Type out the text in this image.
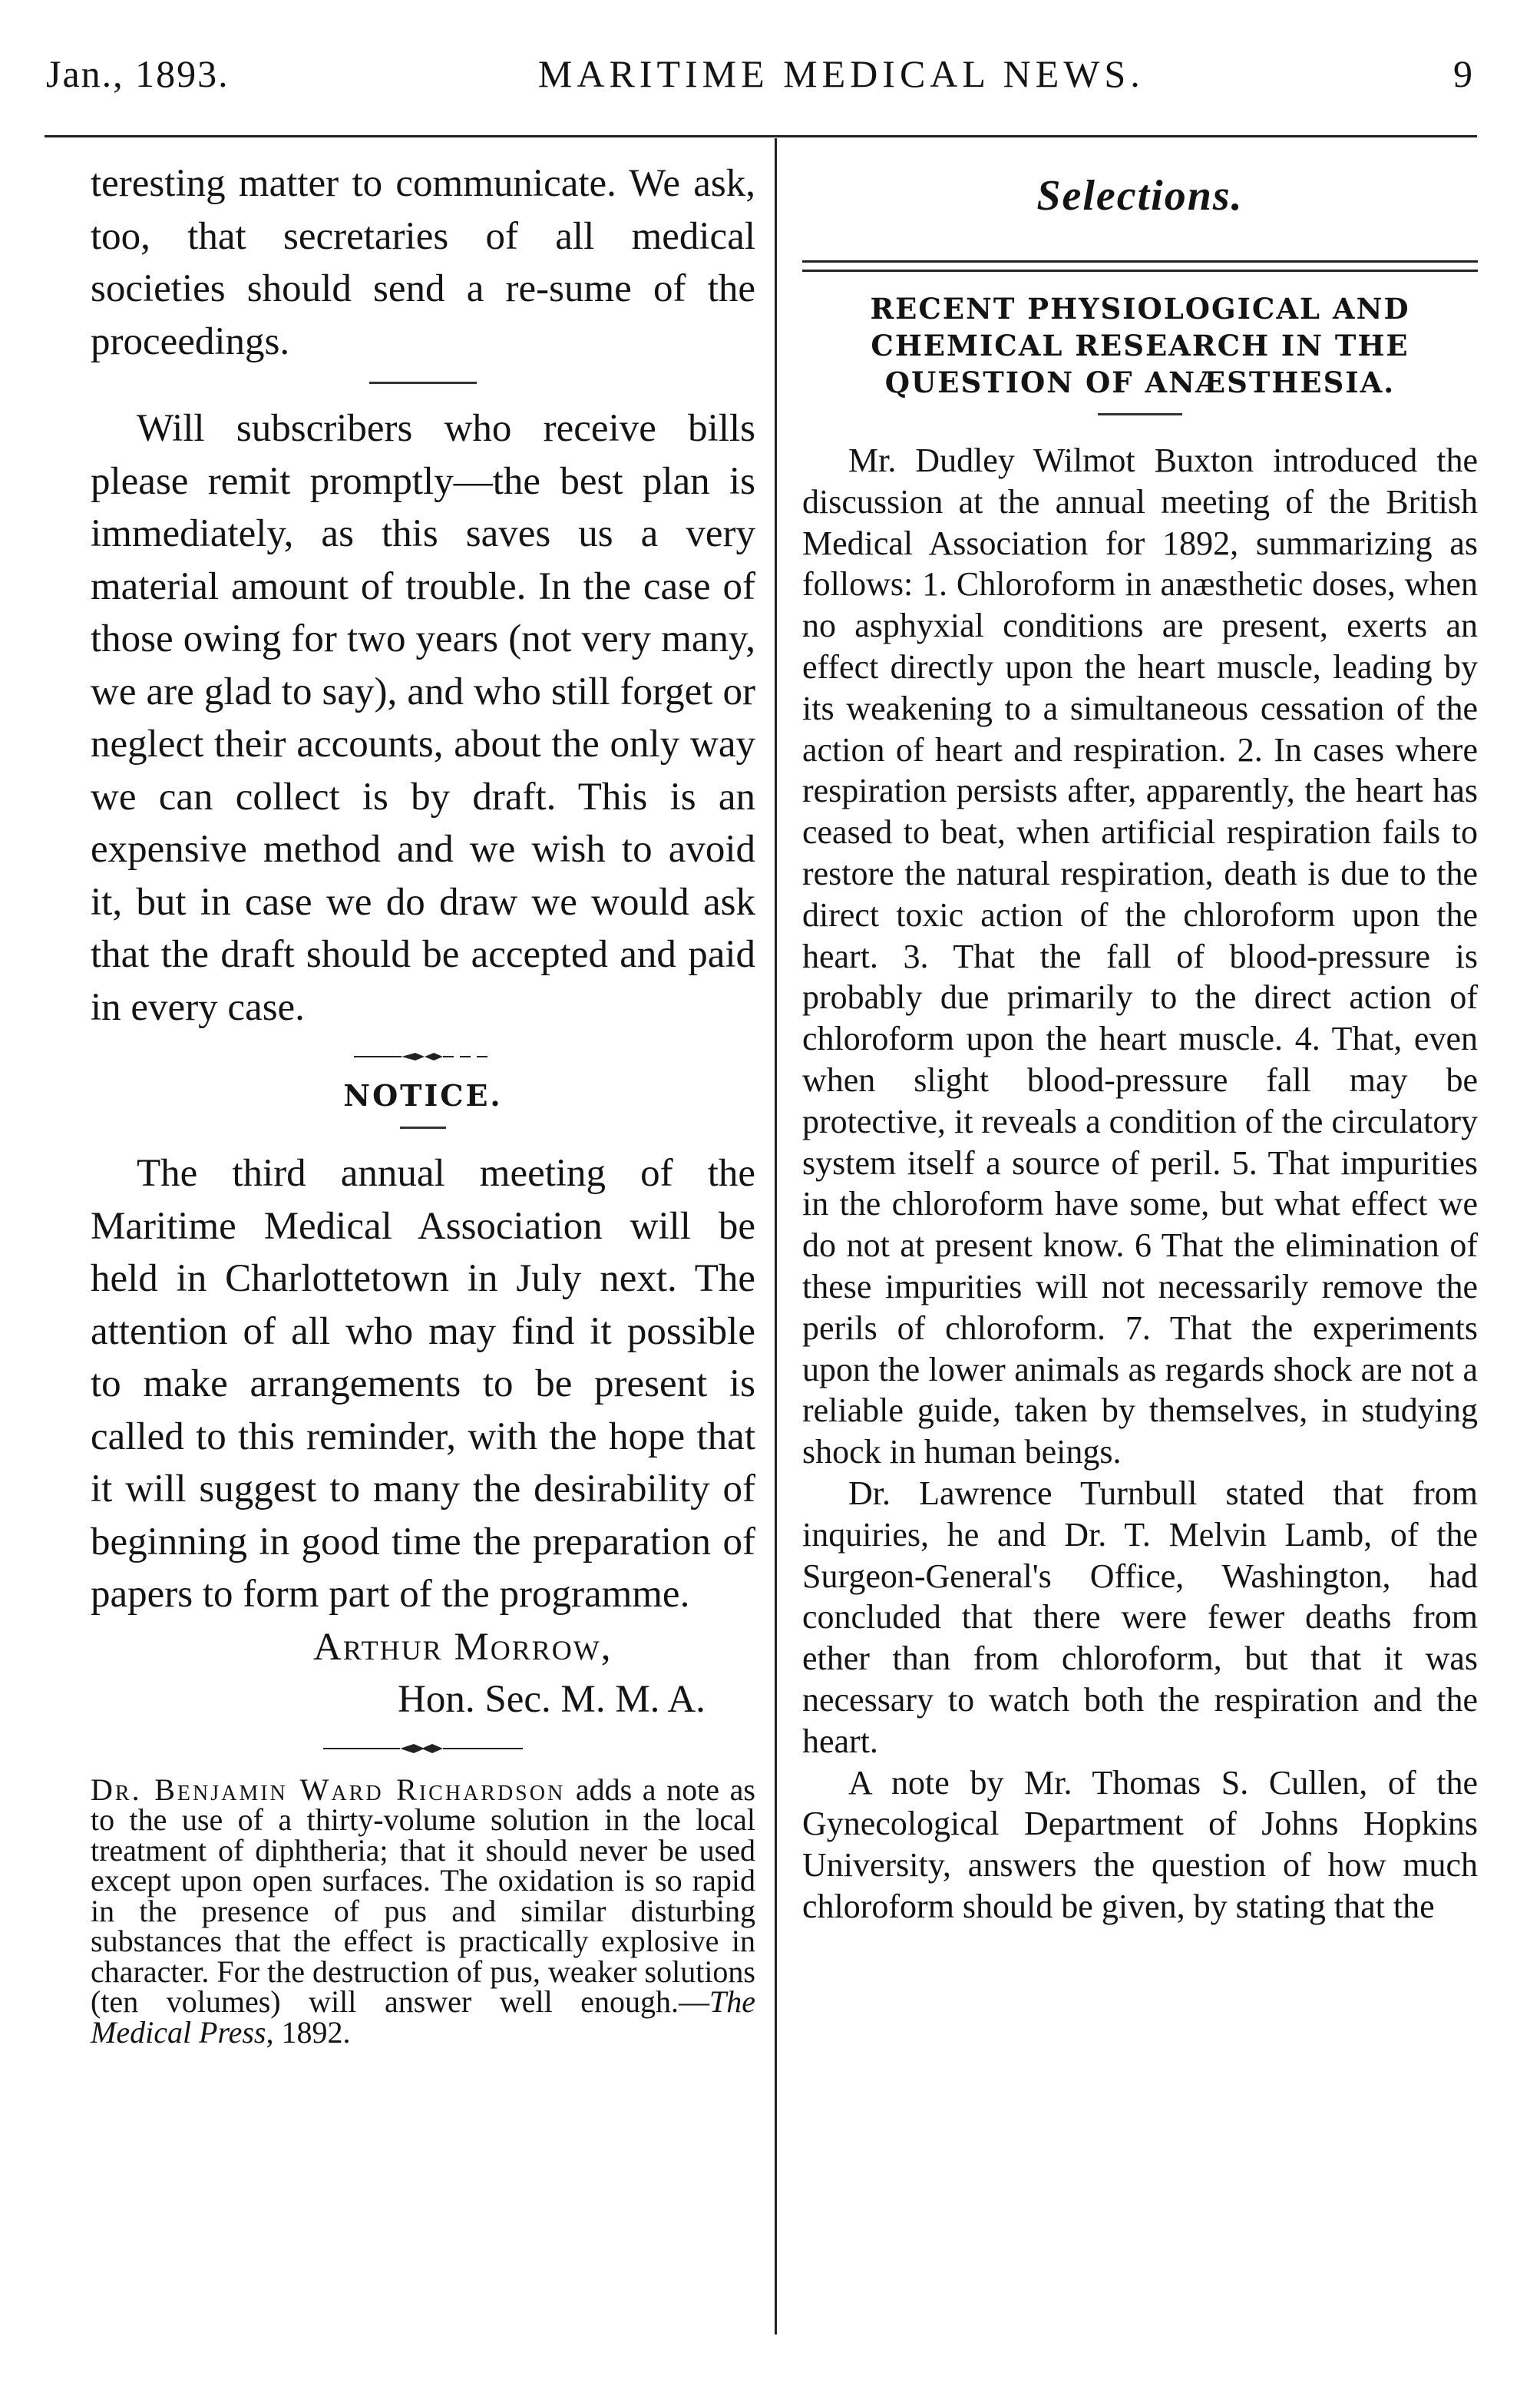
Jan., 1893.	MARITIME MEDICAL NEWS.	9

teresting matter to communicate. We ask, too, that secretaries of all medical societies should send a re-sume of the proceedings.

Will subscribers who receive bills please remit promptly—the best plan is immediately, as this saves us a very material amount of trouble. In the case of those owing for two years (not very many, we are glad to say), and who still forget or neglect their accounts, about the only way we can collect is by draft. This is an expensive method and we wish to avoid it, but in case we do draw we would ask that the draft should be accepted and paid in every case.

NOTICE.

The third annual meeting of the Maritime Medical Association will be held in Charlottetown in July next. The attention of all who may find it possible to make arrangements to be present is called to this reminder, with the hope that it will suggest to many the desirability of beginning in good time the preparation of papers to form part of the programme.

Arthur Morrow,
Hon. Sec. M. M. A.

Dr. Benjamin Ward Richardson adds a note as to the use of a thirty-volume solution in the local treatment of diphtheria; that it should never be used except upon open surfaces. The oxidation is so rapid in the presence of pus and similar disturbing substances that the effect is practically explosive in character. For the destruction of pus, weaker solutions (ten volumes) will answer well enough.—The Medical Press, 1892.

Selections.
RECENT PHYSIOLOGICAL AND CHEMICAL RESEARCH IN THE QUESTION OF ANÆSTHESIA.

Mr. Dudley Wilmot Buxton introduced the discussion at the annual meeting of the British Medical Association for 1892, summarizing as follows: 1. Chloroform in anæsthetic doses, when no asphyxial conditions are present, exerts an effect directly upon the heart muscle, leading by its weakening to a simultaneous cessation of the action of heart and respiration. 2. In cases where respiration persists after, apparently, the heart has ceased to beat, when artificial respiration fails to restore the natural respiration, death is due to the direct toxic action of the chloroform upon the heart. 3. That the fall of blood-pressure is probably due primarily to the direct action of chloroform upon the heart muscle. 4. That, even when slight blood-pressure fall may be protective, it reveals a condition of the circulatory system itself a source of peril. 5. That impurities in the chloroform have some, but what effect we do not at present know. 6 That the elimination of these impurities will not necessarily remove the perils of chloroform. 7. That the experiments upon the lower animals as regards shock are not a reliable guide, taken by themselves, in studying shock in human beings.

Dr. Lawrence Turnbull stated that from inquiries, he and Dr. T. Melvin Lamb, of the Surgeon-General's Office, Washington, had concluded that there were fewer deaths from ether than from chloroform, but that it was necessary to watch both the respiration and the heart.

A note by Mr. Thomas S. Cullen, of the Gynecological Department of Johns Hopkins University, answers the question of how much chloroform should be given, by stating that the
